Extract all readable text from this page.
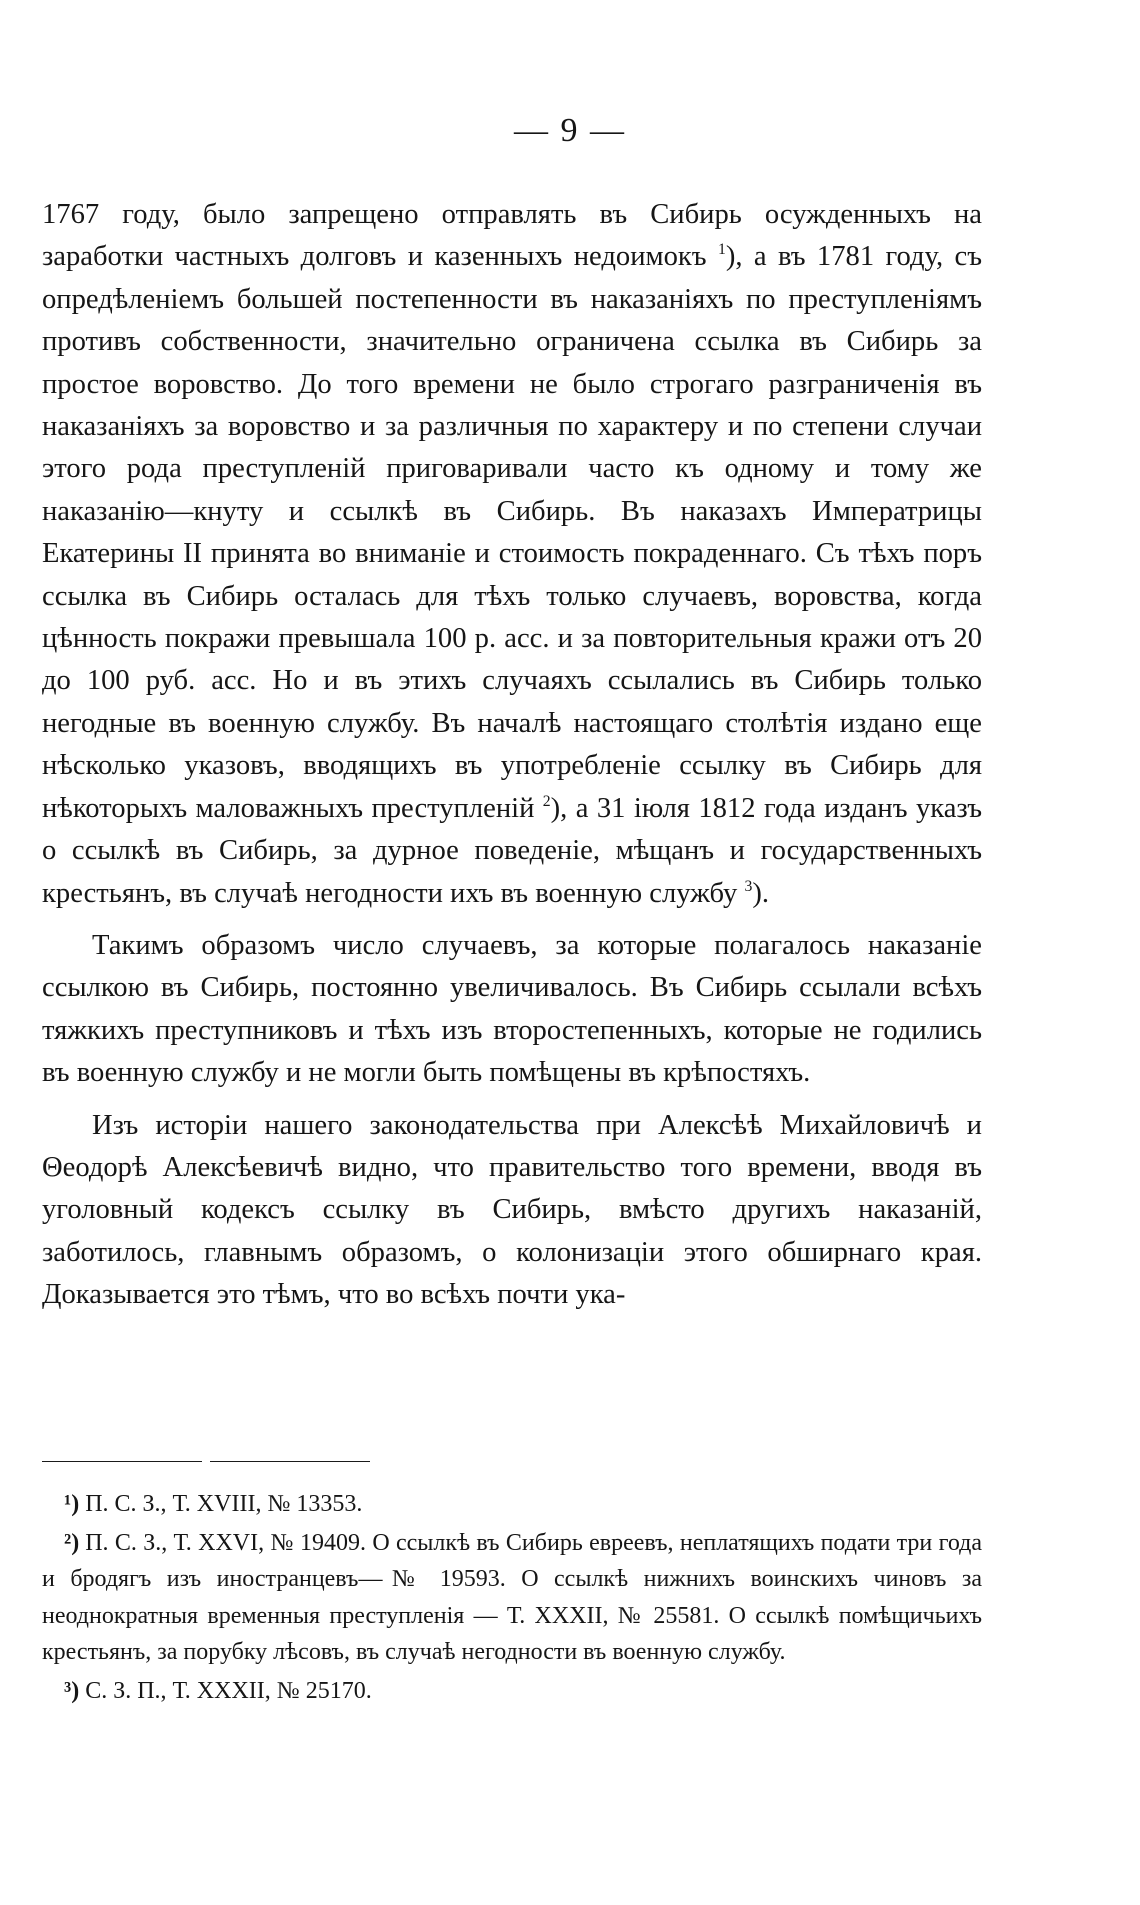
— 9 —

1767 году, было запрещено отправлять въ Сибирь осужденныхъ на заработки частныхъ долговъ и казенныхъ недоимокъ $^1$), а въ 1781 году, съ опредѣленіемъ большей постепенности въ наказаніяхъ по преступленіямъ противъ собственности, значительно ограничена ссылка въ Сибирь за простое воровство. До того времени не было строгаго разграниченія въ наказаніяхъ за воровство и за различныя по характеру и по степени случаи этого рода преступленій приговаривали часто къ одному и тому же наказанію—кнуту и ссылкѣ въ Сибирь. Въ наказахъ Императрицы Екатерины II принята во вниманіе и стоимость покраденнаго. Съ тѣхъ поръ ссылка въ Сибирь осталась для тѣхъ только случаевъ, воровства, когда цѣнность покражи превышала 100 р. асс. и за повторительныя кражи отъ 20 до 100 руб. асс. Но и въ этихъ случаяхъ ссылались въ Сибирь только негодные въ военную службу. Въ началѣ настоящаго столѣтія издано еще нѣсколько указовъ, вводящихъ въ употребленіе ссылку въ Сибирь для нѣкоторыхъ маловажныхъ преступленій $^2$), а 31 іюля 1812 года изданъ указъ о ссылкѣ въ Сибирь, за дурное поведеніе, мѣщанъ и государственныхъ крестьянъ, въ случаѣ негодности ихъ въ военную службу $^3$).

Такимъ образомъ число случаевъ, за которые полагалось наказаніе ссылкою въ Сибирь, постоянно увеличивалось. Въ Сибирь ссылали всѣхъ тяжкихъ преступниковъ и тѣхъ изъ второстепенныхъ, которые не годились въ военную службу и не могли быть помѣщены въ крѣпостяхъ.

Изъ исторіи нашего законодательства при Алексѣѣ Михайловичѣ и Θеодорѣ Алексѣевичѣ видно, что правительство того времени, вводя въ уголовный кодексъ ссылку въ Сибирь, вмѣсто другихъ наказаній, заботилось, главнымъ образомъ, о колонизаціи этого обширнаго края. Доказывается это тѣмъ, что во всѣхъ почти ука-

¹) П. С. З., Т. XVIII, № 13353.

²) П. С. З., Т. XXVI, № 19409. О ссылкѣ въ Сибирь евреевъ, неплатящихъ подати три года и бродягъ изъ иностранцевъ—№ 19593. О ссылкѣ нижнихъ воинскихъ чиновъ за неоднократныя временныя преступленія — Т. XXXII, № 25581. О ссылкѣ помѣщичьихъ крестьянъ, за порубку лѣсовъ, въ случаѣ негодности въ военную службу.

³) С. З. П., Т. XXXII, № 25170.
